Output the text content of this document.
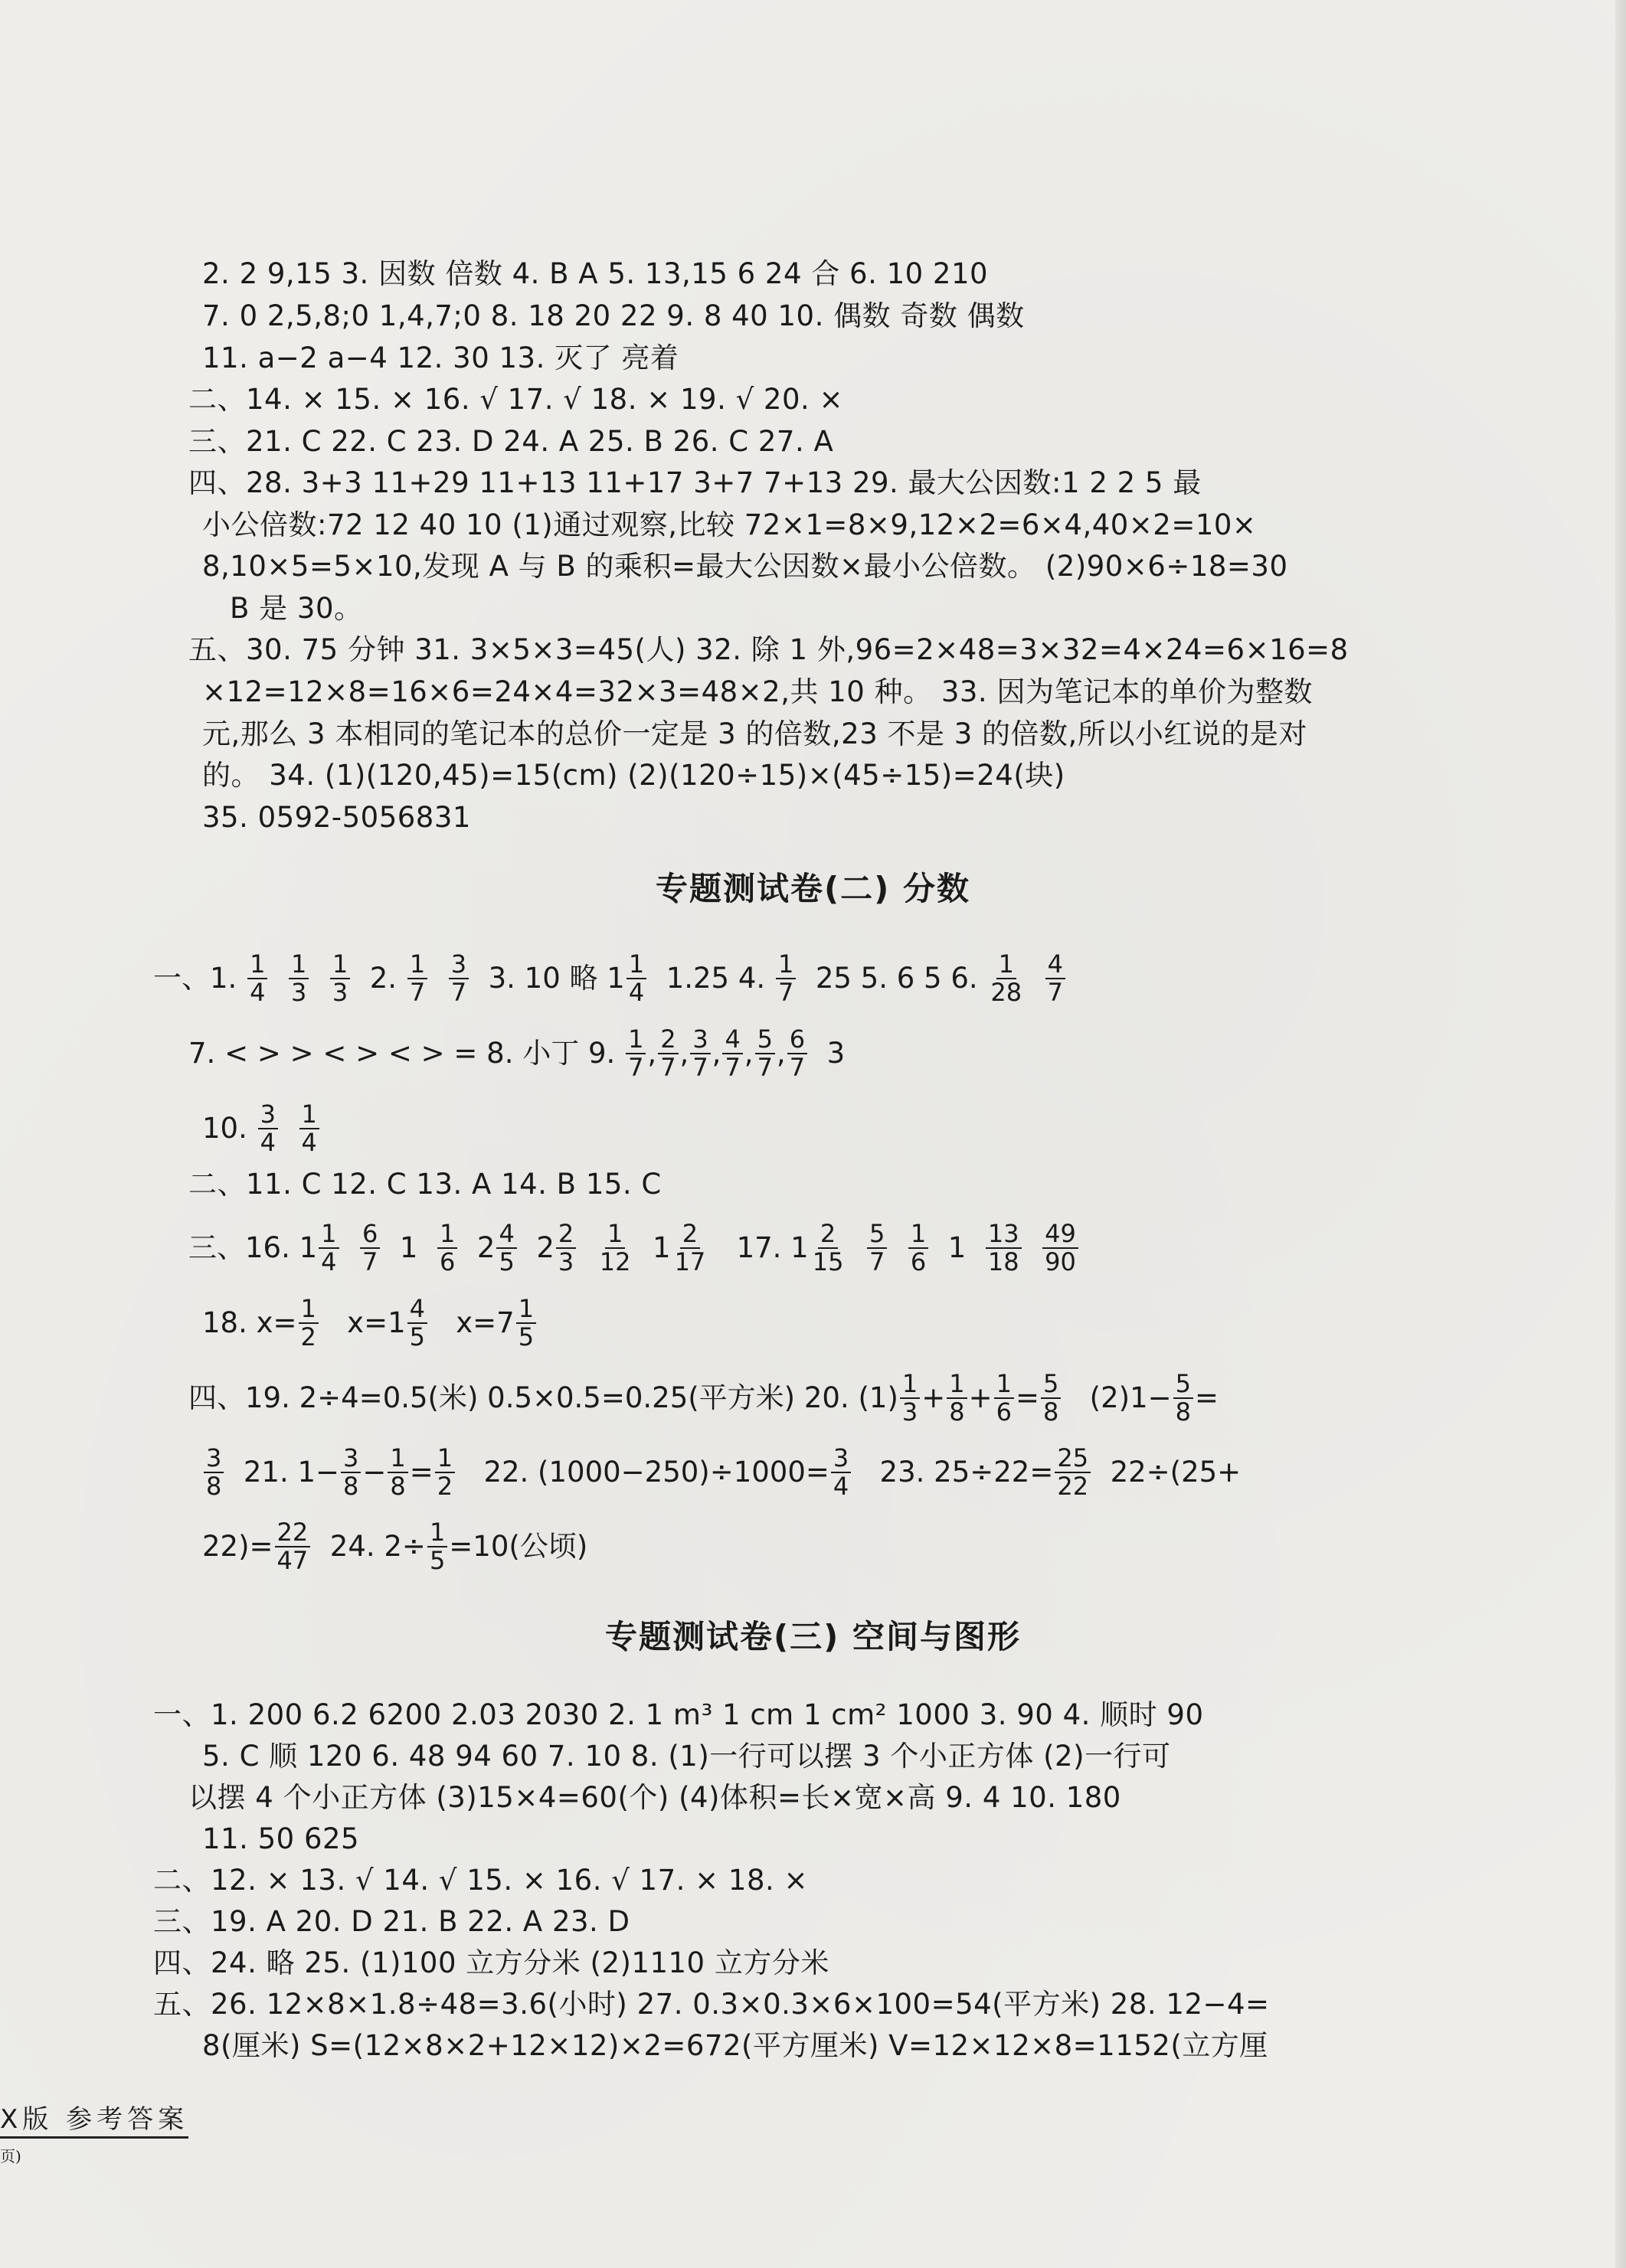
2. 2 9,15 3. 因数 倍数 4. B A 5. 13,15 6 24 合 6. 10 210
7. 0 2,5,8;0 1,4,7;0 8. 18 20 22 9. 8 40 10. 偶数 奇数 偶数
11. a−2 a−4 12. 30 13. 灭了 亮着
二、14. × 15. × 16. √ 17. √ 18. × 19. √ 20. ×
三、21. C 22. C 23. D 24. A 25. B 26. C 27. A
四、28. 3+3 11+29 11+13 11+17 3+7 7+13 29. 最大公因数:1 2 2 5 最
小公倍数:72 12 40 10 (1)通过观察,比较 72×1=8×9,12×2=6×4,40×2=10×
8,10×5=5×10,发现 A 与 B 的乘积=最大公因数×最小公倍数。 (2)90×6÷18=30
B 是 30。
五、30. 75 分钟 31. 3×5×3=45(人) 32. 除 1 外,96=2×48=3×32=4×24=6×16=8
×12=12×8=16×6=24×4=32×3=48×2,共 10 种。 33. 因为笔记本的单价为整数
元,那么 3 本相同的笔记本的总价一定是 3 的倍数,23 不是 3 的倍数,所以小红说的是对
的。 34. (1)(120,45)=15(cm) (2)(120÷15)×(45÷15)=24(块)
35. 0592-5056831
专题测试卷(二) 分数
一、1.
$\frac{1}{4}$
$\frac{1}{3}$
$\frac{1}{3}$
2.
$\frac{1}{7}$
$\frac{3}{7}$
3. 10 略 $1 \frac{1}{4}$
1.25 4.
$\frac{1}{7}$
25 5. 6 5 6.
$\frac{1}{28}$
$\frac{4}{7}$
7. < > > < > < > = 8. 小丁 9.
$\frac{1}{7}$ , $\frac{2}{7}$ , $\frac{3}{7}$ , $\frac{4}{7}$ , $\frac{5}{7}$ , $\frac{6}{7}$
3
10.
$\frac{3}{4}$
$\frac{1}{4}$
二、11. C 12. C 13. A 14. B 15. C
三、16. $1 \frac{1}{4}$
$\frac{6}{7} 1 \frac{1}{6} 2 \frac{4}{5} 2 \frac{2}{3}$
$\frac{1}{12} 1 \frac{2}{17}$
17. $1 \frac{2}{15}$
$\frac{5}{7}$
$\frac{1}{6} 1 \frac{13}{18}$
$\frac{49}{90}$
18. $x= \frac{1}{2}$
$x=1 \frac{4}{5}$
$x=7 \frac{1}{5}$
四、19. 2÷4=0.5(米) 0.5×0.5=0.25(平方米) 20. $(1) \frac{1}{3} + \frac{1}{8} + \frac{1}{6} = \frac{5}{8}$
$(2)1- \frac{5}{8}$ =
$\frac{3}{8}$
21. $1- \frac{3}{8} - \frac{1}{8} = \frac{1}{2}$
22. $(1000-250)\div 1000= \frac{3}{4}$
23. $25\div 22= \frac{25}{22}$
22÷(25+
$22)= \frac{22}{47}$
24. $2\div \frac{1}{5} =10$(公顷)
专题测试卷(三) 空间与图形
一、1. 200 6.2 6200 2.03 2030 2. 1 m³ 1 cm 1 cm² 1000 3. 90 4. 顺时 90
5. C 顺 120 6. 48 94 60 7. 10 8. (1)一行可以摆 3 个小正方体 (2)一行可
以摆 4 个小正方体 (3)15×4=60(个) (4)体积=长×宽×高 9. 4 10. 180
11. 50 625
二、12. × 13. √ 14. √ 15. × 16. √ 17. × 18. ×
三、19. A 20. D 21. B 22. A 23. D
四、24. 略 25. (1)100 立方分米 (2)1110 立方分米
五、26. 12×8×1.8÷48=3.6(小时) 27. 0.3×0.3×6×100=54(平方米) 28. 12−4=
8(厘米) S=(12×8×2+12×12)×2=672(平方厘米) V=12×12×8=1152(立方厘
X版 参考答案
页)
